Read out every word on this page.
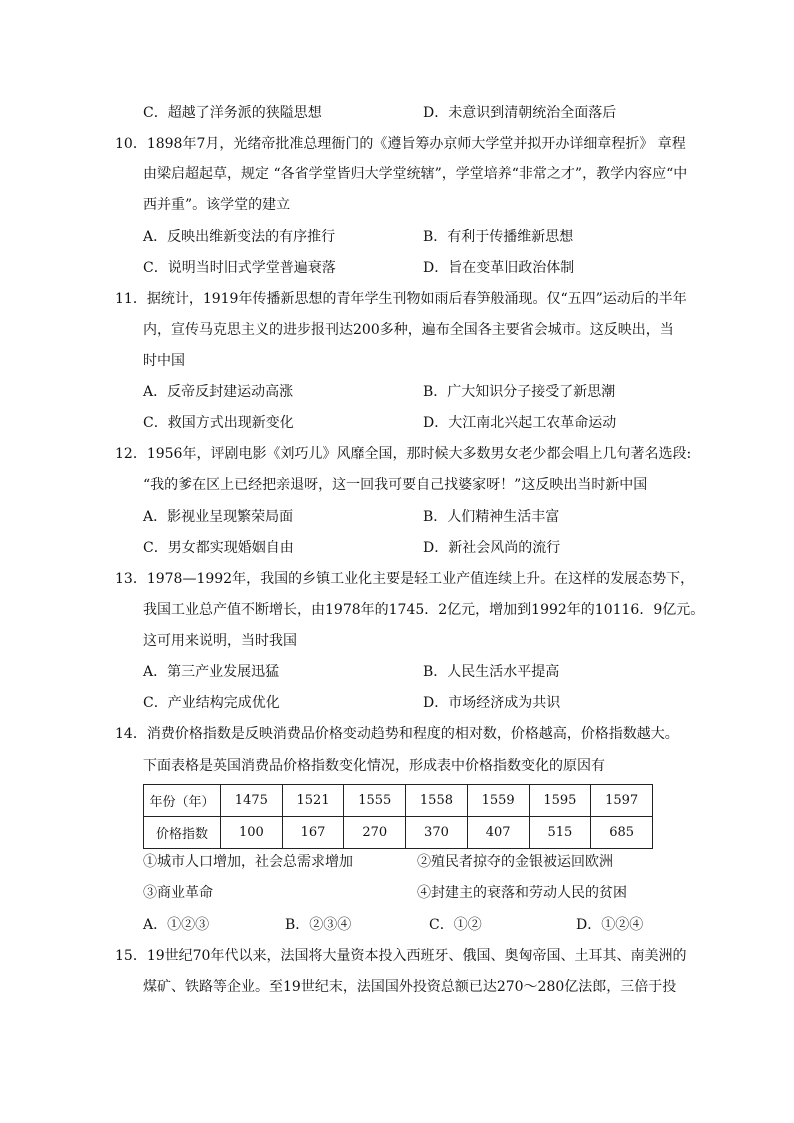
C．超越了洋务派的狭隘思想	D．未意识到清朝统治全面落后
10．1898年7月，光绪帝批准总理衙门的《遵旨筹办京师大学堂并拟开办详细章程折》 章程
由梁启超起草，规定 “各省学堂皆归大学堂统辖”，学堂培养“非常之才”，教学内容应“中
西并重”。该学堂的建立
A．反映出维新变法的有序推行	B．有利于传播维新思想
C．说明当时旧式学堂普遍衰落	D．旨在变革旧政治体制
11．据统计，1919年传播新思想的青年学生刊物如雨后春笋般涌现。仅“五四”运动后的半年
内，宣传马克思主义的进步报刊达200多种，遍布全国各主要省会城市。这反映出，当
时中国
A．反帝反封建运动高涨	B．广大知识分子接受了新思潮
C．救国方式出现新变化	D．大江南北兴起工农革命运动
12．1956年，评剧电影《刘巧儿》风靡全国，那时候大多数男女老少都会唱上几句著名选段:
“我的爹在区上已经把亲退呀，这一回我可要自己找婆家呀！”这反映出当时新中国
A．影视业呈现繁荣局面	B．人们精神生活丰富
C．男女都实现婚姻自由	D．新社会风尚的流行
13．1978—1992年，我国的乡镇工业化主要是轻工业产值连续上升。在这样的发展态势下，
我国工业总产值不断增长，由1978年的1745．2亿元，增加到1992年的10116．9亿元。
这可用来说明，当时我国
A．第三产业发展迅猛	B．人民生活水平提高
C．产业结构完成优化	D．市场经济成为共识
14．消费价格指数是反映消费品价格变动趋势和程度的相对数，价格越高，价格指数越大。
下面表格是英国消费品价格指数变化情况，形成表中价格指数变化的原因有
年份（年）	1475	1521	1555	1558	1559	1595	1597
价格指数	100	167	270	370	407	515	685
①城市人口增加，社会总需求增加	②殖民者掠夺的金银被运回欧洲
③商业革命	④封建主的衰落和劳动人民的贫困
A．①②③	B．②③④	C．①②	D．①②④
15．19世纪70年代以来，法国将大量资本投入西班牙、俄国、奥匈帝国、土耳其、南美洲的
煤矿、铁路等企业。至19世纪末，法国国外投资总额已达270～280亿法郎，三倍于投
